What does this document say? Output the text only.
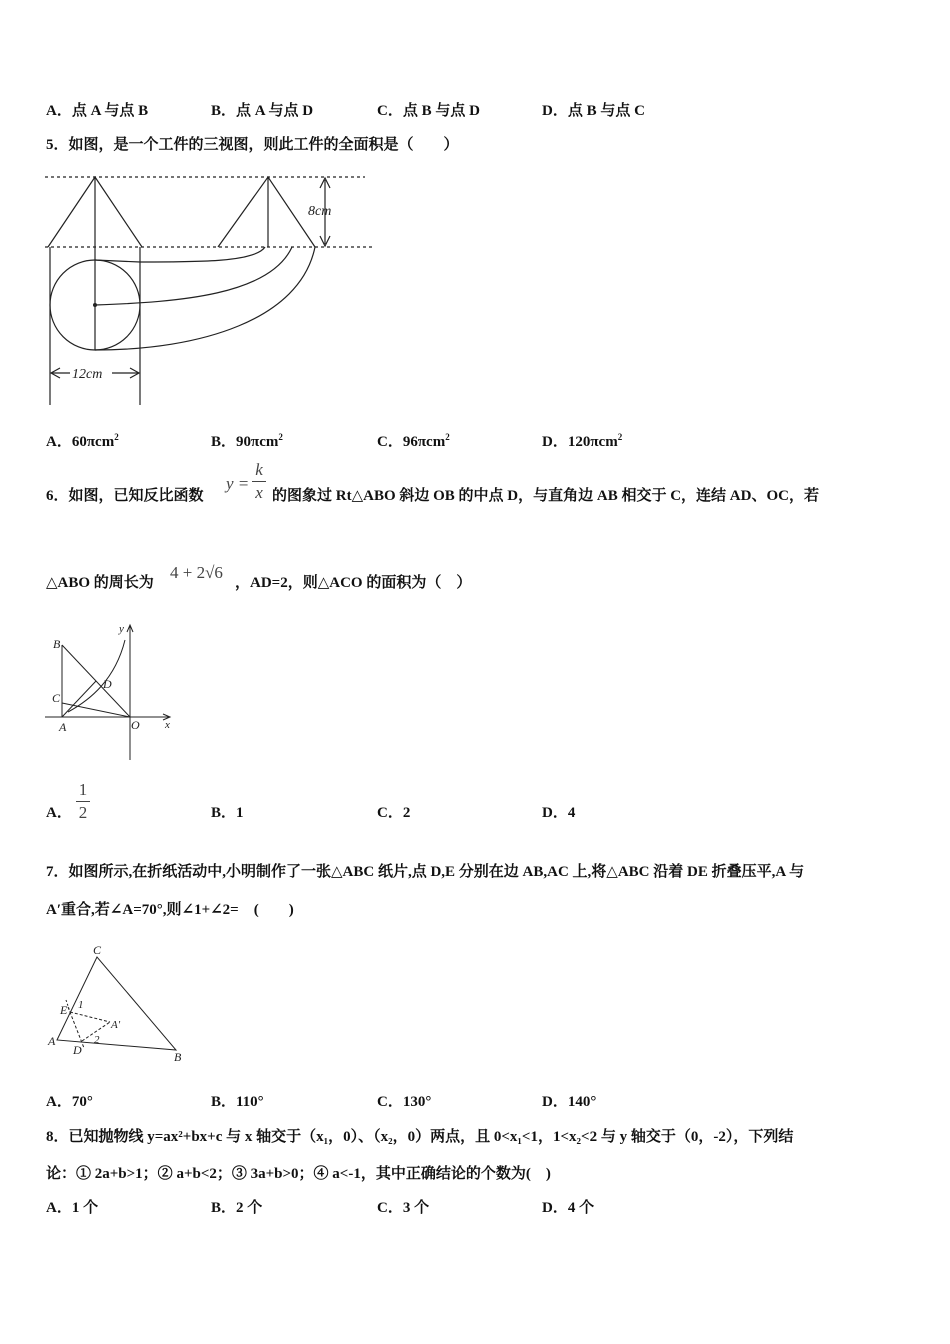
A．点 A 与点 B	B．点 A 与点 D	C．点 B 与点 D	D．点 B 与点 C
5．如图，是一个工件的三视图，则此工件的全面积是（　　）
8cm
12cm
A．60πcm$^2$	B．90πcm$^2$	C．96πcm$^2$	D．120πcm$^2$
6．如图，已知反比函数
y =
k
x 的图象过 Rt△ABO 斜边 OB 的中点 D，与直角边 AB 相交于 C，连结 AD、OC，若
△ABO 的周长为
4 + 2√6
，AD=2，则△ACO 的面积为（　）
B
C
D
A	O x
y
A．
1
2	B．1	C．2	D．4
7．如图所示,在折纸活动中,小明制作了一张△ABC 纸片,点 D,E 分别在边 AB,AC 上,将△ABC 沿着 DE 折叠压平,A 与
A′重合,若∠A=70°,则∠1+∠2=　(　　)
C
A
B
D
E
A′
1
2
A．70°	B．110°	C．130°	D．140°
8．已知抛物线 y=ax²+bx+c 与 x 轴交于（x₁，0）、（x₂，0）两点，且 0<x₁<1，1<x₂<2 与 y 轴交于（0，-2），下列结
论：① 2a+b>1；② a+b<2；③ 3a+b>0；④ a<-1，其中正确结论的个数为(　)
A．1 个	B．2 个	C．3 个	D．4 个
